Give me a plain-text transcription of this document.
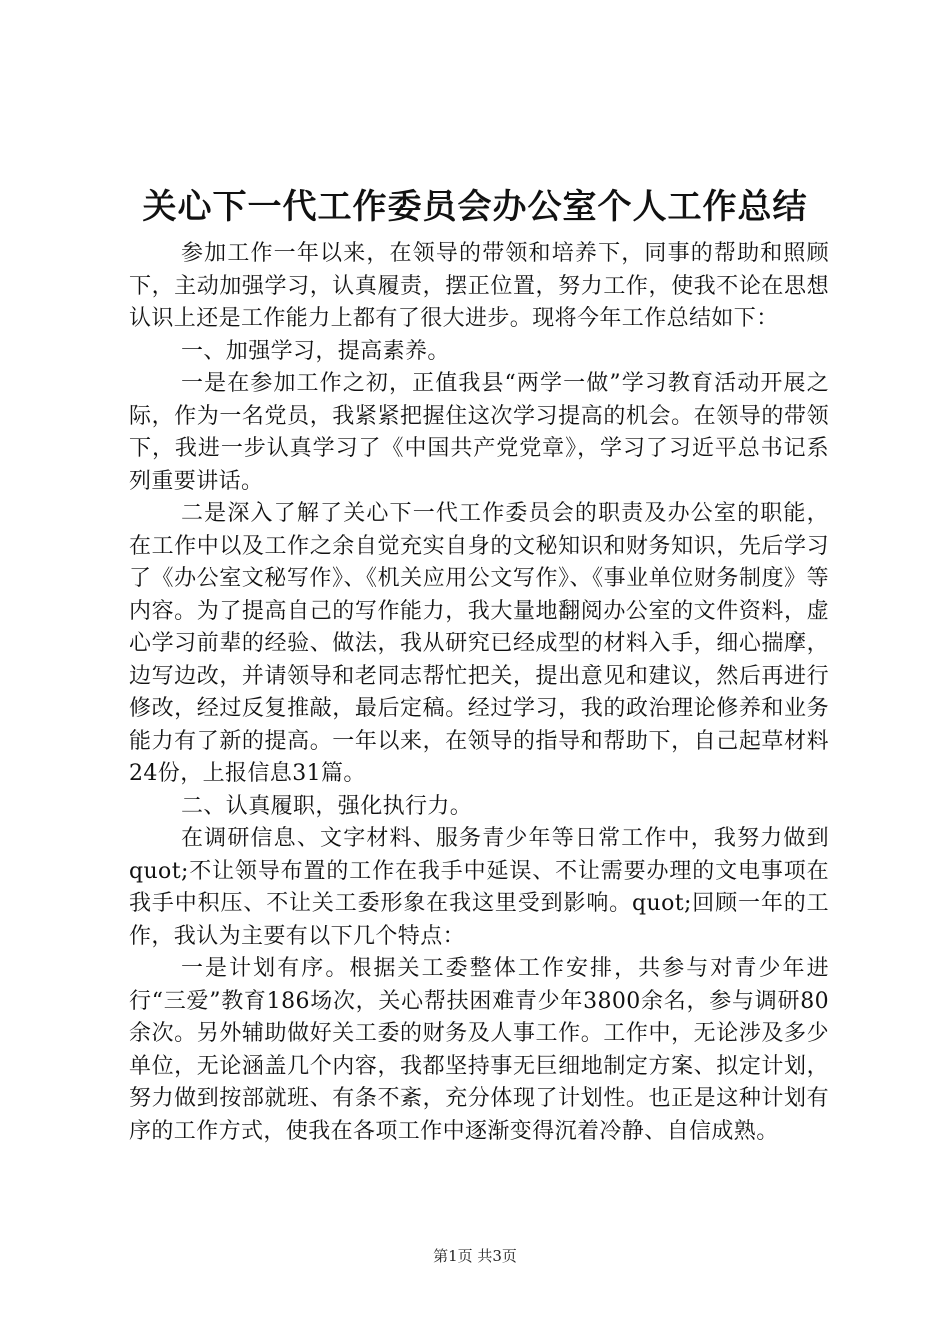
关心下一代工作委员会办公室个人工作总结

参加工作一年以来，在领导的带领和培养下，同事的帮助和照顾下，主动加强学习，认真履责，摆正位置，努力工作，使我不论在思想认识上还是工作能力上都有了很大进步。现将今年工作总结如下：

一、加强学习，提高素养。

一是在参加工作之初，正值我县“两学一做”学习教育活动开展之际，作为一名党员，我紧紧把握住这次学习提高的机会。在领导的带领下，我进一步认真学习了《中国共产党党章》，学习了习近平总书记系列重要讲话。

二是深入了解了关心下一代工作委员会的职责及办公室的职能，在工作中以及工作之余自觉充实自身的文秘知识和财务知识，先后学习了《办公室文秘写作》、《机关应用公文写作》、《事业单位财务制度》等内容。为了提高自己的写作能力，我大量地翻阅办公室的文件资料，虚心学习前辈的经验、做法，我从研究已经成型的材料入手，细心揣摩，边写边改，并请领导和老同志帮忙把关，提出意见和建议，然后再进行修改，经过反复推敲，最后定稿。经过学习，我的政治理论修养和业务能力有了新的提高。一年以来，在领导的指导和帮助下，自己起草材料24份，上报信息31篇。

二、认真履职，强化执行力。

在调研信息、文字材料、服务青少年等日常工作中，我努力做到quot;不让领导布置的工作在我手中延误、不让需要办理的文电事项在我手中积压、不让关工委形象在我这里受到影响。quot;回顾一年的工作，我认为主要有以下几个特点：

一是计划有序。根据关工委整体工作安排，共参与对青少年进行“三爱”教育186场次，关心帮扶困难青少年3800余名，参与调研80余次。另外辅助做好关工委的财务及人事工作。工作中，无论涉及多少单位，无论涵盖几个内容，我都坚持事无巨细地制定方案、拟定计划，努力做到按部就班、有条不紊，充分体现了计划性。也正是这种计划有序的工作方式，使我在各项工作中逐渐变得沉着冷静、自信成熟。

第1页 共3页
